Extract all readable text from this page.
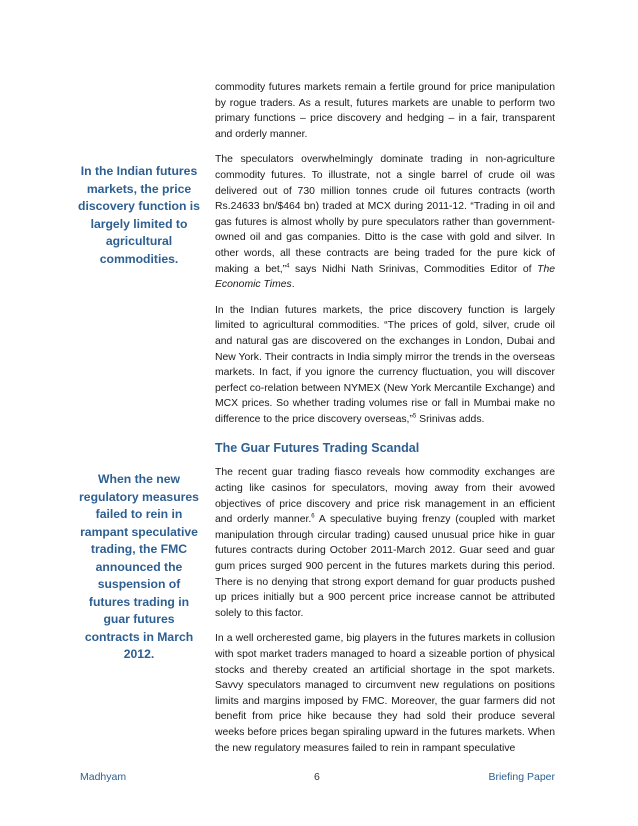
In the Indian futures markets, the price discovery function is largely limited to agricultural commodities.
When the new regulatory measures failed to rein in rampant speculative trading, the FMC announced the suspension of futures trading in guar futures contracts in March 2012.

commodity futures markets remain a fertile ground for price manipulation by rogue traders. As a result, futures markets are unable to perform two primary functions – price discovery and hedging – in a fair, transparent and orderly manner.

The speculators overwhelmingly dominate trading in non-agriculture commodity futures. To illustrate, not a single barrel of crude oil was delivered out of 730 million tonnes crude oil futures contracts (worth Rs.24633 bn/$464 bn) traded at MCX during 2011-12. “Trading in oil and gas futures is almost wholly by pure speculators rather than government-owned oil and gas companies. Ditto is the case with gold and silver. In other words, all these contracts are being traded for the pure kick of making a bet,”$^4$ says Nidhi Nath Srinivas, Commodities Editor of The Economic Times.

In the Indian futures markets, the price discovery function is largely limited to agricultural commodities. “The prices of gold, silver, crude oil and natural gas are discovered on the exchanges in London, Dubai and New York. Their contracts in India simply mirror the trends in the overseas markets. In fact, if you ignore the currency fluctuation, you will discover perfect co-relation between NYMEX (New York Mercantile Exchange) and MCX prices. So whether trading volumes rise or fall in Mumbai make no difference to the price discovery overseas,”$^5$ Srinivas adds.

The Guar Futures Trading Scandal

The recent guar trading fiasco reveals how commodity exchanges are acting like casinos for speculators, moving away from their avowed objectives of price discovery and price risk management in an efficient and orderly manner.$^6$ A speculative buying frenzy (coupled with market manipulation through circular trading) caused unusual price hike in guar futures contracts during October 2011-March 2012. Guar seed and guar gum prices surged 900 percent in the futures markets during this period. There is no denying that strong export demand for guar products pushed up prices initially but a 900 percent price increase cannot be attributed solely to this factor.

In a well orcherested game, big players in the futures markets in collusion with spot market traders managed to hoard a sizeable portion of physical stocks and thereby created an artificial shortage in the spot markets. Savvy speculators managed to circumvent new regulations on positions limits and margins imposed by FMC. Moreover, the guar farmers did not benefit from price hike because they had sold their produce several weeks before prices began spiraling upward in the futures markets. When the new regulatory measures failed to rein in rampant speculative

Madhyam	6	Briefing Paper
